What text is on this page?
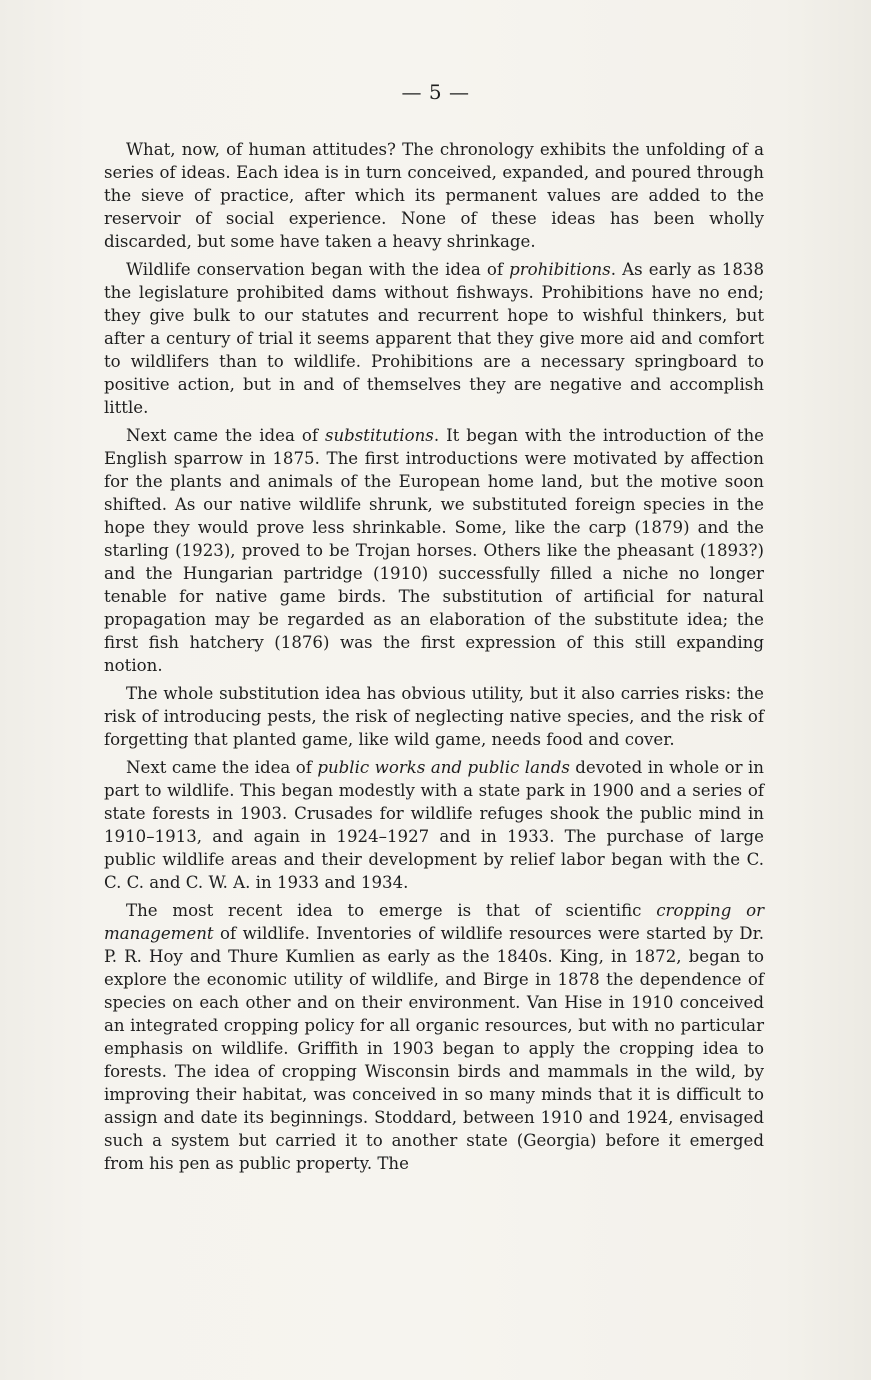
— 5 —

What, now, of human attitudes? The chronology exhibits the unfolding of a series of ideas. Each idea is in turn conceived, expanded, and poured through the sieve of practice, after which its permanent values are added to the reservoir of social experience. None of these ideas has been wholly discarded, but some have taken a heavy shrinkage.

Wildlife conservation began with the idea of prohibitions. As early as 1838 the legislature prohibited dams without fishways. Prohibitions have no end; they give bulk to our statutes and recurrent hope to wishful thinkers, but after a century of trial it seems apparent that they give more aid and comfort to wildlifers than to wildlife. Prohibitions are a necessary springboard to positive action, but in and of themselves they are negative and accomplish little.

Next came the idea of substitutions. It began with the introduction of the English sparrow in 1875. The first introductions were motivated by affection for the plants and animals of the European home land, but the motive soon shifted. As our native wildlife shrunk, we substituted foreign species in the hope they would prove less shrinkable. Some, like the carp (1879) and the starling (1923), proved to be Trojan horses. Others like the pheasant (1893?) and the Hungarian partridge (1910) successfully filled a niche no longer tenable for native game birds. The substitution of artificial for natural propagation may be regarded as an elaboration of the substitute idea; the first fish hatchery (1876) was the first expression of this still expanding notion.

The whole substitution idea has obvious utility, but it also carries risks: the risk of introducing pests, the risk of neglecting native species, and the risk of forgetting that planted game, like wild game, needs food and cover.

Next came the idea of public works and public lands devoted in whole or in part to wildlife. This began modestly with a state park in 1900 and a series of state forests in 1903. Crusades for wildlife refuges shook the public mind in 1910–1913, and again in 1924–1927 and in 1933. The purchase of large public wildlife areas and their development by relief labor began with the C. C. C. and C. W. A. in 1933 and 1934.

The most recent idea to emerge is that of scientific cropping or management of wildlife. Inventories of wildlife resources were started by Dr. P. R. Hoy and Thure Kumlien as early as the 1840s. King, in 1872, began to explore the economic utility of wildlife, and Birge in 1878 the dependence of species on each other and on their environment. Van Hise in 1910 conceived an integrated cropping policy for all organic resources, but with no particular emphasis on wildlife. Griffith in 1903 began to apply the cropping idea to forests. The idea of cropping Wisconsin birds and mammals in the wild, by improving their habitat, was conceived in so many minds that it is difficult to assign and date its beginnings. Stoddard, between 1910 and 1924, envisaged such a system but carried it to another state (Georgia) before it emerged from his pen as public property. The
